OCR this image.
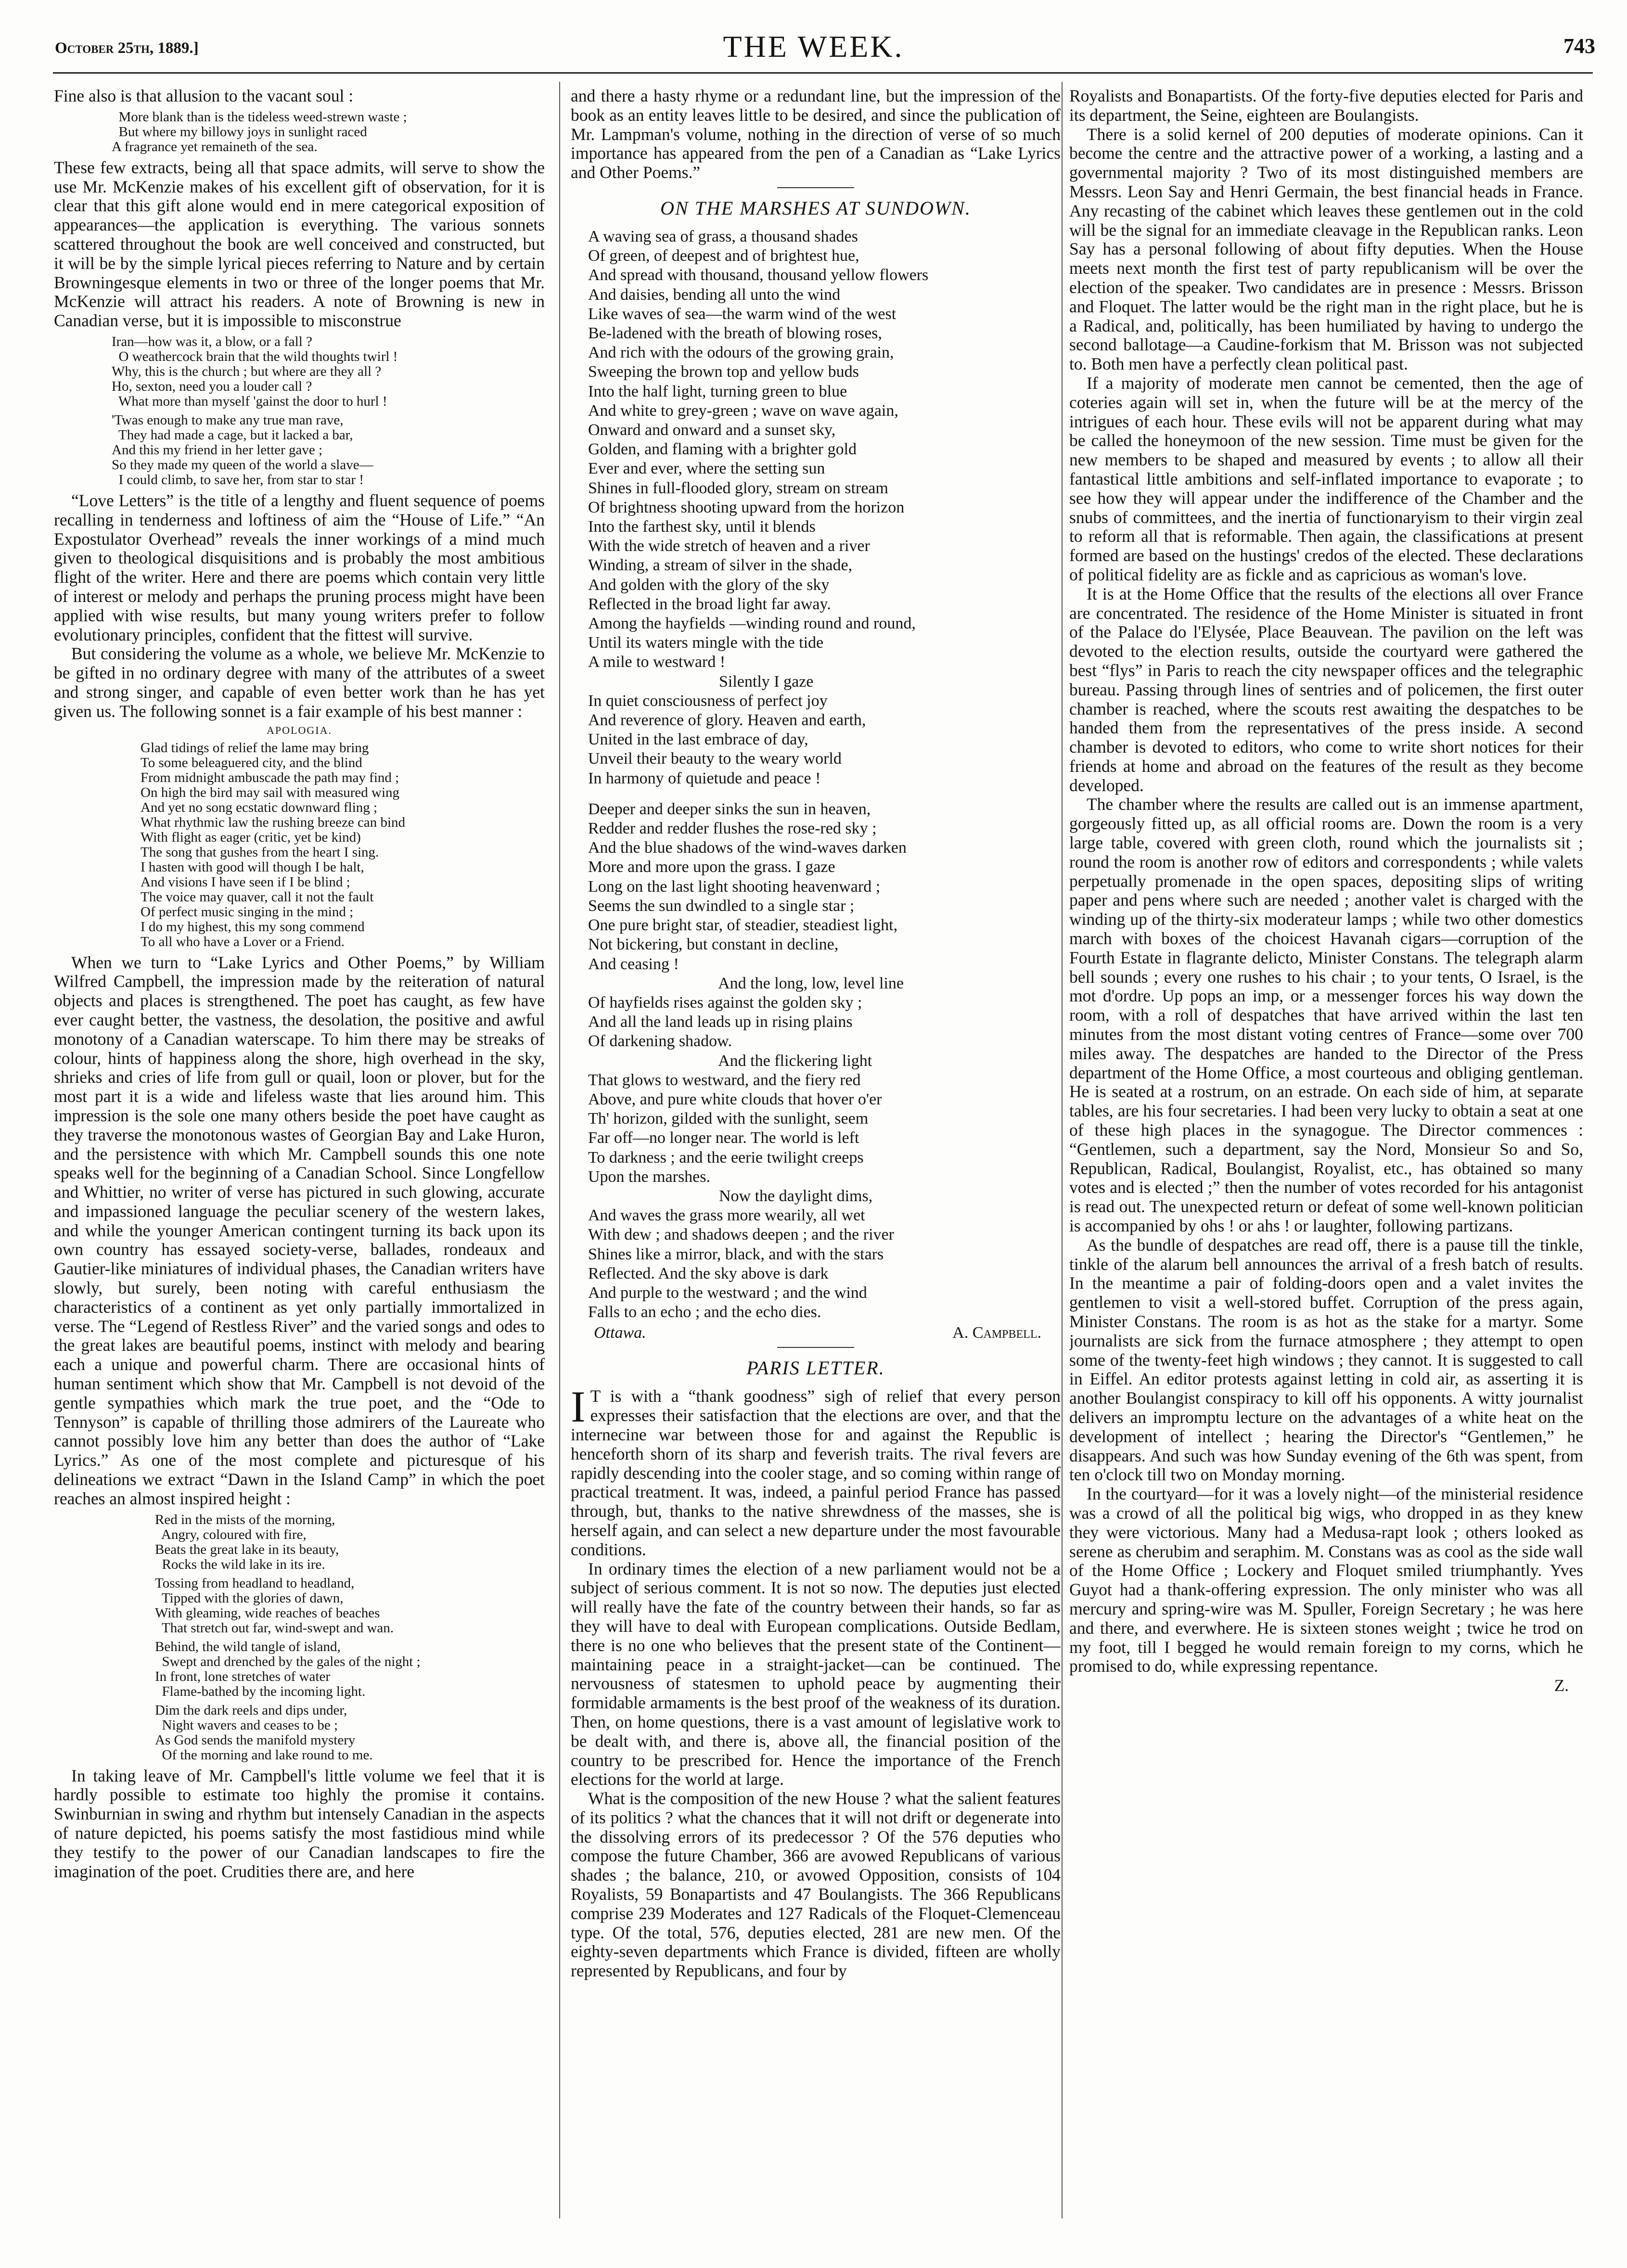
October 25th, 1889.]	THE WEEK.	743

Fine also is that allusion to the vacant soul :

More blank than is the tideless weed-strewn waste ;
But where my billowy joys in sunlight raced
A fragrance yet remaineth of the sea.

These few extracts, being all that space admits, will serve to show the use Mr. McKenzie makes of his excellent gift of observation, for it is clear that this gift alone would end in mere categorical exposition of appearances—the application is everything. The various sonnets scattered throughout the book are well conceived and constructed, but it will be by the simple lyrical pieces referring to Nature and by certain Browningesque elements in two or three of the longer poems that Mr. McKenzie will attract his readers. A note of Browning is new in Canadian verse, but it is impossible to misconstrue

Iran—how was it, a blow, or a fall ?
O weathercock brain that the wild thoughts twirl !
Why, this is the church ; but where are they all ?
Ho, sexton, need you a louder call ?
What more than myself 'gainst the door to hurl !
'Twas enough to make any true man rave,
They had made a cage, but it lacked a bar,
And this my friend in her letter gave ;
So they made my queen of the world a slave—
I could climb, to save her, from star to star !

“Love Letters” is the title of a lengthy and fluent sequence of poems recalling in tenderness and loftiness of aim the “House of Life.” “An Expostulator Overhead” reveals the inner workings of a mind much given to theological disquisitions and is probably the most ambitious flight of the writer. Here and there are poems which contain very little of interest or melody and perhaps the pruning process might have been applied with wise results, but many young writers prefer to follow evolutionary principles, confident that the fittest will survive.

But considering the volume as a whole, we believe Mr. McKenzie to be gifted in no ordinary degree with many of the attributes of a sweet and strong singer, and capable of even better work than he has yet given us. The following sonnet is a fair example of his best manner :

APOLOGIA.
Glad tidings of relief the lame may bring
To some beleaguered city, and the blind
From midnight ambuscade the path may find ;
On high the bird may sail with measured wing
And yet no song ecstatic downward fling ;
What rhythmic law the rushing breeze can bind
With flight as eager (critic, yet be kind)
The song that gushes from the heart I sing.
I hasten with good will though I be halt,
And visions I have seen if I be blind ;
The voice may quaver, call it not the fault
Of perfect music singing in the mind ;
I do my highest, this my song commend
To all who have a Lover or a Friend.

When we turn to “Lake Lyrics and Other Poems,” by William Wilfred Campbell, the impression made by the reiteration of natural objects and places is strengthened. The poet has caught, as few have ever caught better, the vastness, the desolation, the positive and awful monotony of a Canadian waterscape. To him there may be streaks of colour, hints of happiness along the shore, high overhead in the sky, shrieks and cries of life from gull or quail, loon or plover, but for the most part it is a wide and lifeless waste that lies around him. This impression is the sole one many others beside the poet have caught as they traverse the monotonous wastes of Georgian Bay and Lake Huron, and the persistence with which Mr. Campbell sounds this one note speaks well for the beginning of a Canadian School. Since Longfellow and Whittier, no writer of verse has pictured in such glowing, accurate and impassioned language the peculiar scenery of the western lakes, and while the younger American contingent turning its back upon its own country has essayed society-verse, ballades, rondeaux and Gautier-like miniatures of individual phases, the Canadian writers have slowly, but surely, been noting with careful enthusiasm the characteristics of a continent as yet only partially immortalized in verse. The “Legend of Restless River” and the varied songs and odes to the great lakes are beautiful poems, instinct with melody and bearing each a unique and powerful charm. There are occasional hints of human sentiment which show that Mr. Campbell is not devoid of the gentle sympathies which mark the true poet, and the “Ode to Tennyson” is capable of thrilling those admirers of the Laureate who cannot possibly love him any better than does the author of “Lake Lyrics.” As one of the most complete and picturesque of his delineations we extract “Dawn in the Island Camp” in which the poet reaches an almost inspired height :

Red in the mists of the morning,
Angry, coloured with fire,
Beats the great lake in its beauty,
Rocks the wild lake in its ire.
Tossing from headland to headland,
Tipped with the glories of dawn,
With gleaming, wide reaches of beaches
That stretch out far, wind-swept and wan.
Behind, the wild tangle of island,
Swept and drenched by the gales of the night ;
In front, lone stretches of water
Flame-bathed by the incoming light.
Dim the dark reels and dips under,
Night wavers and ceases to be ;
As God sends the manifold mystery
Of the morning and lake round to me.

In taking leave of Mr. Campbell's little volume we feel that it is hardly possible to estimate too highly the promise it contains. Swinburnian in swing and rhythm but intensely Canadian in the aspects of nature depicted, his poems satisfy the most fastidious mind while they testify to the power of our Canadian landscapes to fire the imagination of the poet. Crudities there are, and here

and there a hasty rhyme or a redundant line, but the impression of the book as an entity leaves little to be desired, and since the publication of Mr. Lampman's volume, nothing in the direction of verse of so much importance has appeared from the pen of a Canadian as “Lake Lyrics and Other Poems.”

ON THE MARSHES AT SUNDOWN.
A waving sea of grass, a thousand shades
Of green, of deepest and of brightest hue,
And spread with thousand, thousand yellow flowers
And daisies, bending all unto the wind
Like waves of sea—the warm wind of the west
Be-ladened with the breath of blowing roses,
And rich with the odours of the growing grain,
Sweeping the brown top and yellow buds
Into the half light, turning green to blue
And white to grey-green ; wave on wave again,
Onward and onward and a sunset sky,
Golden, and flaming with a brighter gold
Ever and ever, where the setting sun
Shines in full-flooded glory, stream on stream
Of brightness shooting upward from the horizon
Into the farthest sky, until it blends
With the wide stretch of heaven and a river
Winding, a stream of silver in the shade,
And golden with the glory of the sky
Reflected in the broad light far away.
Among the hayfields —winding round and round,
Until its waters mingle with the tide
A mile to westward !
Silently I gaze
In quiet consciousness of perfect joy
And reverence of glory. Heaven and earth,
United in the last embrace of day,
Unveil their beauty to the weary world
In harmony of quietude and peace !
Deeper and deeper sinks the sun in heaven,
Redder and redder flushes the rose-red sky ;
And the blue shadows of the wind-waves darken
More and more upon the grass. I gaze
Long on the last light shooting heavenward ;
Seems the sun dwindled to a single star ;
One pure bright star, of steadier, steadiest light,
Not bickering, but constant in decline,
And ceasing !
And the long, low, level line
Of hayfields rises against the golden sky ;
And all the land leads up in rising plains
Of darkening shadow.
And the flickering light
That glows to westward, and the fiery red
Above, and pure white clouds that hover o'er
Th' horizon, gilded with the sunlight, seem
Far off—no longer near. The world is left
To darkness ; and the eerie twilight creeps
Upon the marshes.
Now the daylight dims,
And waves the grass more wearily, all wet
With dew ; and shadows deepen ; and the river
Shines like a mirror, black, and with the stars
Reflected. And the sky above is dark
And purple to the westward ; and the wind
Falls to an echo ; and the echo dies.
Ottawa.	A. Campbell.
PARIS LETTER.

I T is with a “thank goodness” sigh of relief that every person expresses their satisfaction that the elections are over, and that the internecine war between those for and against the Republic is henceforth shorn of its sharp and feverish traits. The rival fevers are rapidly descending into the cooler stage, and so coming within range of practical treatment. It was, indeed, a painful period France has passed through, but, thanks to the native shrewdness of the masses, she is herself again, and can select a new departure under the most favourable conditions.

In ordinary times the election of a new parliament would not be a subject of serious comment. It is not so now. The deputies just elected will really have the fate of the country between their hands, so far as they will have to deal with European complications. Outside Bedlam, there is no one who believes that the present state of the Continent—maintaining peace in a straight-jacket—can be continued. The nervousness of statesmen to uphold peace by augmenting their formidable armaments is the best proof of the weakness of its duration. Then, on home questions, there is a vast amount of legislative work to be dealt with, and there is, above all, the financial position of the country to be prescribed for. Hence the importance of the French elections for the world at large.

What is the composition of the new House ? what the salient features of its politics ? what the chances that it will not drift or degenerate into the dissolving errors of its predecessor ? Of the 576 deputies who compose the future Chamber, 366 are avowed Republicans of various shades ; the balance, 210, or avowed Opposition, consists of 104 Royalists, 59 Bonapartists and 47 Boulangists. The 366 Republicans comprise 239 Moderates and 127 Radicals of the Floquet-Clemenceau type. Of the total, 576, deputies elected, 281 are new men. Of the eighty-seven departments which France is divided, fifteen are wholly represented by Republicans, and four by

Royalists and Bonapartists. Of the forty-five deputies elected for Paris and its department, the Seine, eighteen are Boulangists.

There is a solid kernel of 200 deputies of moderate opinions. Can it become the centre and the attractive power of a working, a lasting and a governmental majority ? Two of its most distinguished members are Messrs. Leon Say and Henri Germain, the best financial heads in France. Any recasting of the cabinet which leaves these gentlemen out in the cold will be the signal for an immediate cleavage in the Republican ranks. Leon Say has a personal following of about fifty deputies. When the House meets next month the first test of party republicanism will be over the election of the speaker. Two candidates are in presence : Messrs. Brisson and Floquet. The latter would be the right man in the right place, but he is a Radical, and, politically, has been humiliated by having to undergo the second ballotage—a Caudine-forkism that M. Brisson was not subjected to. Both men have a perfectly clean political past.

If a majority of moderate men cannot be cemented, then the age of coteries again will set in, when the future will be at the mercy of the intrigues of each hour. These evils will not be apparent during what may be called the honeymoon of the new session. Time must be given for the new members to be shaped and measured by events ; to allow all their fantastical little ambitions and self-inflated importance to evaporate ; to see how they will appear under the indifference of the Chamber and the snubs of committees, and the inertia of functionaryism to their virgin zeal to reform all that is reformable. Then again, the classifications at present formed are based on the hustings' credos of the elected. These declarations of political fidelity are as fickle and as capricious as woman's love.

It is at the Home Office that the results of the elections all over France are concentrated. The residence of the Home Minister is situated in front of the Palace do l'Elysée, Place Beauvean. The pavilion on the left was devoted to the election results, outside the courtyard were gathered the best “flys” in Paris to reach the city newspaper offices and the telegraphic bureau. Passing through lines of sentries and of policemen, the first outer chamber is reached, where the scouts rest awaiting the despatches to be handed them from the representatives of the press inside. A second chamber is devoted to editors, who come to write short notices for their friends at home and abroad on the features of the result as they become developed.

The chamber where the results are called out is an immense apartment, gorgeously fitted up, as all official rooms are. Down the room is a very large table, covered with green cloth, round which the journalists sit ; round the room is another row of editors and correspondents ; while valets perpetually promenade in the open spaces, depositing slips of writing paper and pens where such are needed ; another valet is charged with the winding up of the thirty-six moderateur lamps ; while two other domestics march with boxes of the choicest Havanah cigars—corruption of the Fourth Estate in flagrante delicto, Minister Constans. The telegraph alarm bell sounds ; every one rushes to his chair ; to your tents, O Israel, is the mot d'ordre. Up pops an imp, or a messenger forces his way down the room, with a roll of despatches that have arrived within the last ten minutes from the most distant voting centres of France—some over 700 miles away. The despatches are handed to the Director of the Press department of the Home Office, a most courteous and obliging gentleman. He is seated at a rostrum, on an estrade. On each side of him, at separate tables, are his four secretaries. I had been very lucky to obtain a seat at one of these high places in the synagogue. The Director commences : “Gentlemen, such a department, say the Nord, Monsieur So and So, Republican, Radical, Boulangist, Royalist, etc., has obtained so many votes and is elected ;” then the number of votes recorded for his antagonist is read out. The unexpected return or defeat of some well-known politician is accompanied by ohs ! or ahs ! or laughter, following partizans.

As the bundle of despatches are read off, there is a pause till the tinkle, tinkle of the alarum bell announces the arrival of a fresh batch of results. In the meantime a pair of folding-doors open and a valet invites the gentlemen to visit a well-stored buffet. Corruption of the press again, Minister Constans. The room is as hot as the stake for a martyr. Some journalists are sick from the furnace atmosphere ; they attempt to open some of the twenty-feet high windows ; they cannot. It is suggested to call in Eiffel. An editor protests against letting in cold air, as asserting it is another Boulangist conspiracy to kill off his opponents. A witty journalist delivers an impromptu lecture on the advantages of a white heat on the development of intellect ; hearing the Director's “Gentlemen,” he disappears. And such was how Sunday evening of the 6th was spent, from ten o'clock till two on Monday morning.

In the courtyard—for it was a lovely night—of the ministerial residence was a crowd of all the political big wigs, who dropped in as they knew they were victorious. Many had a Medusa-rapt look ; others looked as serene as cherubim and seraphim. M. Constans was as cool as the side wall of the Home Office ; Lockery and Floquet smiled triumphantly. Yves Guyot had a thank-offering expression. The only minister who was all mercury and spring-wire was M. Spuller, Foreign Secretary ; he was here and there, and everwhere. He is sixteen stones weight ; twice he trod on my foot, till I begged he would remain foreign to my corns, which he promised to do, while expressing repentance.

Z.
